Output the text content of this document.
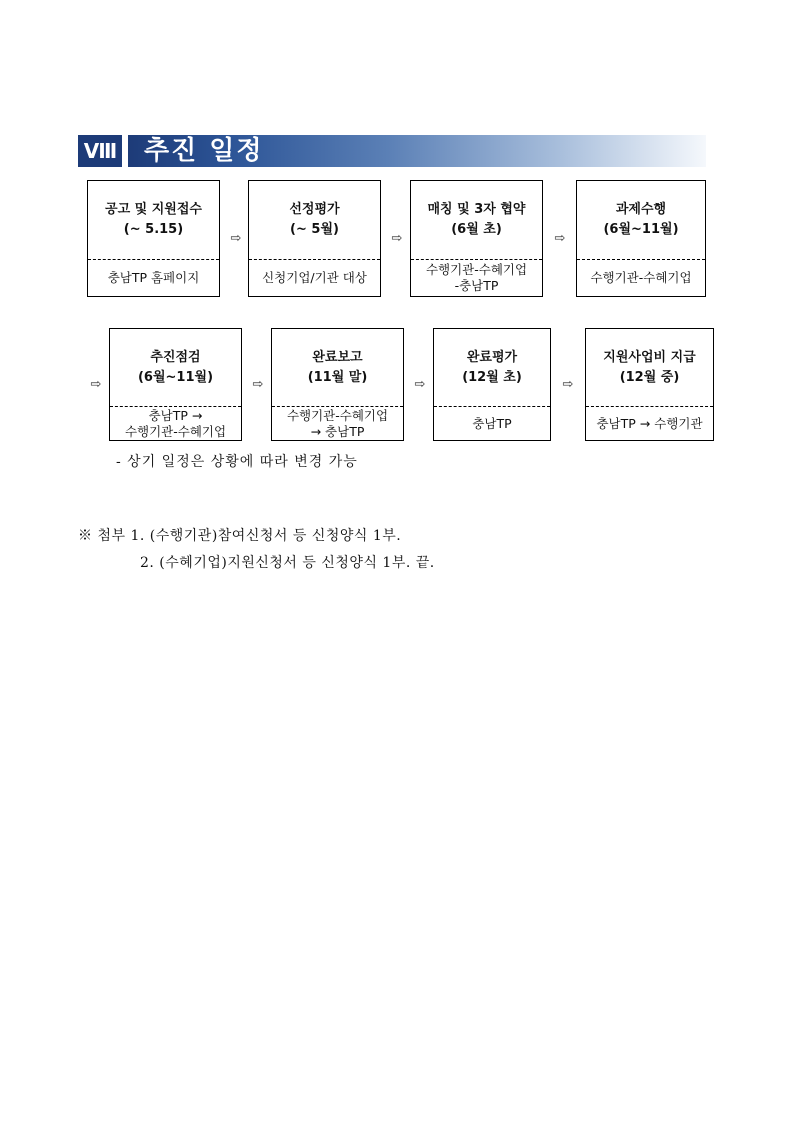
Ⅷ 추진 일정
공고 및 지원접수
(~ 5.15)
충남TP 홈페이지
⇨
선정평가
(~ 5월)
신청기업/기관 대상
⇨
매칭 및 3자 협약
(6월 초)
수행기관-수혜기업
-충남TP
⇨
과제수행
(6월~11월)
수행기관-수혜기업
⇨
추진점검
(6월~11월)
충남TP →
수행기관-수혜기업
⇨
완료보고
(11월 말)
수행기관-수혜기업
→ 충남TP
⇨
완료평가
(12월 초)
충남TP
⇨
지원사업비 지급
(12월 중)
충남TP → 수행기관
- 상기 일정은 상황에 따라 변경 가능
※ 첨부 1. (수행기관)참여신청서 등 신청양식 1부.
2. (수혜기업)지원신청서 등 신청양식 1부. 끝.
